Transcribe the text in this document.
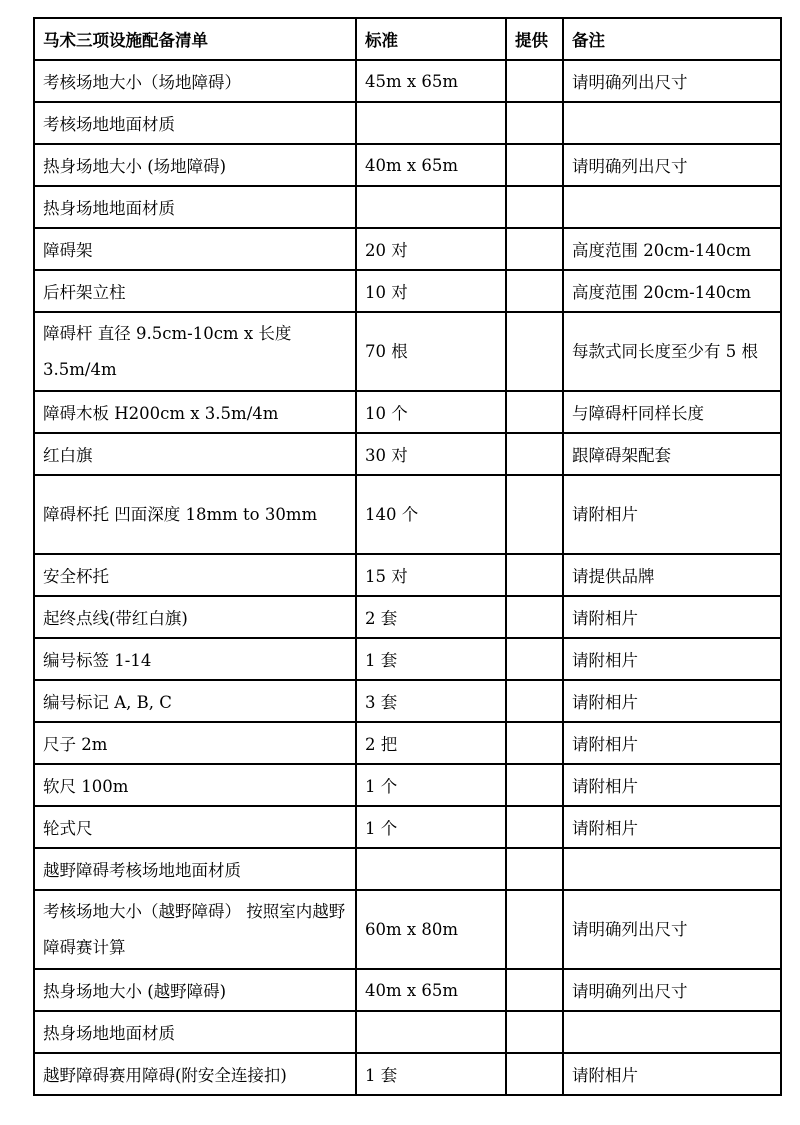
马术三项设施配备清单	标准	提供	备注
考核场地大小（场地障碍）	45m x 65m		请明确列出尺寸
考核场地地面材质			
热身场地大小 (场地障碍)	40m x 65m		请明确列出尺寸
热身场地地面材质			
障碍架	20 对		高度范围 20cm-140cm
后杆架立柱	10 对		高度范围 20cm-140cm
障碍杆 直径 9.5cm-10cm x 长度 3.5m/4m	70 根		每款式同长度至少有 5 根
障碍木板 H200cm x 3.5m/4m	10 个		与障碍杆同样长度
红白旗	30 对		跟障碍架配套
障碍杯托 凹面深度 18mm to 30mm	140 个		请附相片
安全杯托	15 对		请提供品牌
起终点线(带红白旗)	2 套		请附相片
编号标签 1-14	1 套		请附相片
编号标记 A, B, C	3 套		请附相片
尺子 2m	2 把		请附相片
软尺 100m	1 个		请附相片
轮式尺	1 个		请附相片
越野障碍考核场地地面材质			
考核场地大小（越野障碍） 按照室内越野障碍赛计算	60m x 80m		请明确列出尺寸
热身场地大小 (越野障碍)	40m x 65m		请明确列出尺寸
热身场地地面材质			
越野障碍赛用障碍(附安全连接扣)	1 套		请附相片
